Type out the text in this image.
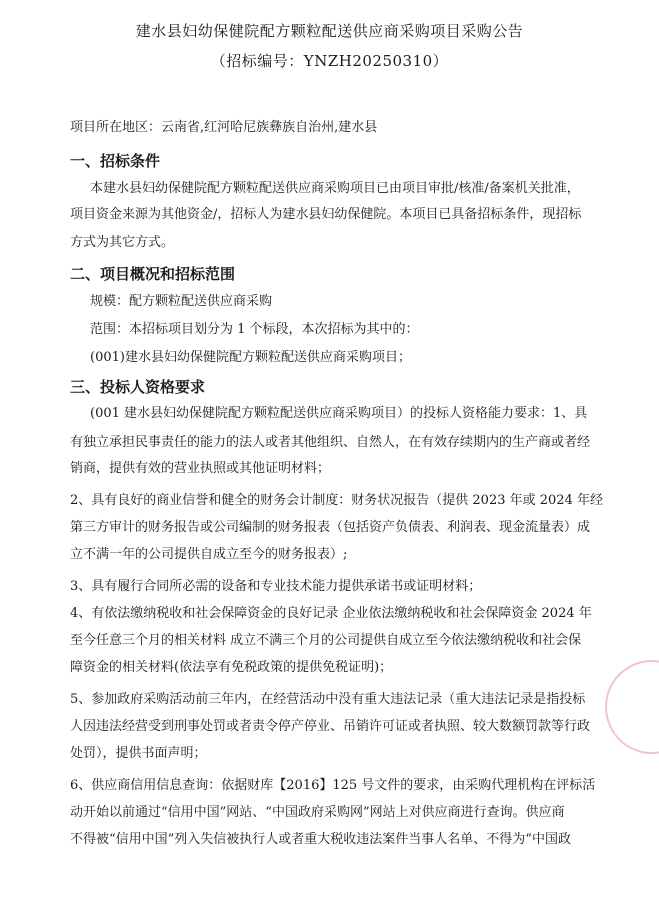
建水县妇幼保健院配方颗粒配送供应商采购项目采购公告
（招标编号：YNZH20250310）
项目所在地区：云南省,红河哈尼族彝族自治州,建水县
一、招标条件
本建水县妇幼保健院配方颗粒配送供应商采购项目已由项目审批/核准/备案机关批准，
项目资金来源为其他资金/，招标人为建水县妇幼保健院。本项目已具备招标条件，现招标
方式为其它方式。
二、项目概况和招标范围
规模：配方颗粒配送供应商采购
范围：本招标项目划分为 1 个标段，本次招标为其中的：
(001)建水县妇幼保健院配方颗粒配送供应商采购项目；
三、投标人资格要求
(001 建水县妇幼保健院配方颗粒配送供应商采购项目）的投标人资格能力要求：1、具
有独立承担民事责任的能力的法人或者其他组织、自然人，在有效存续期内的生产商或者经
销商，提供有效的营业执照或其他证明材料；
2、具有良好的商业信誉和健全的财务会计制度：财务状况报告（提供 2023 年或 2024 年经
第三方审计的财务报告或公司编制的财务报表（包括资产负债表、利润表、现金流量表）成
立不满一年的公司提供自成立至今的财务报表）;
3、具有履行合同所必需的设备和专业技术能力提供承诺书或证明材料；
4、有依法缴纳税收和社会保障资金的良好记录 企业依法缴纳税收和社会保障资金 2024 年
至今任意三个月的相关材料 成立不满三个月的公司提供自成立至今依法缴纳税收和社会保
障资金的相关材料(依法享有免税政策的提供免税证明)；
5、参加政府采购活动前三年内，在经营活动中没有重大违法记录（重大违法记录是指投标
人因违法经营受到刑事处罚或者责令停产停业、吊销许可证或者执照、较大数额罚款等行政
处罚），提供书面声明；
6、供应商信用信息查询：依据财库【2016】125 号文件的要求，由采购代理机构在评标活
动开始以前通过“信用中国”网站、“中国政府采购网”网站上对供应商进行查询。供应商
不得被“信用中国”列入失信被执行人或者重大税收违法案件当事人名单、不得为“中国政
